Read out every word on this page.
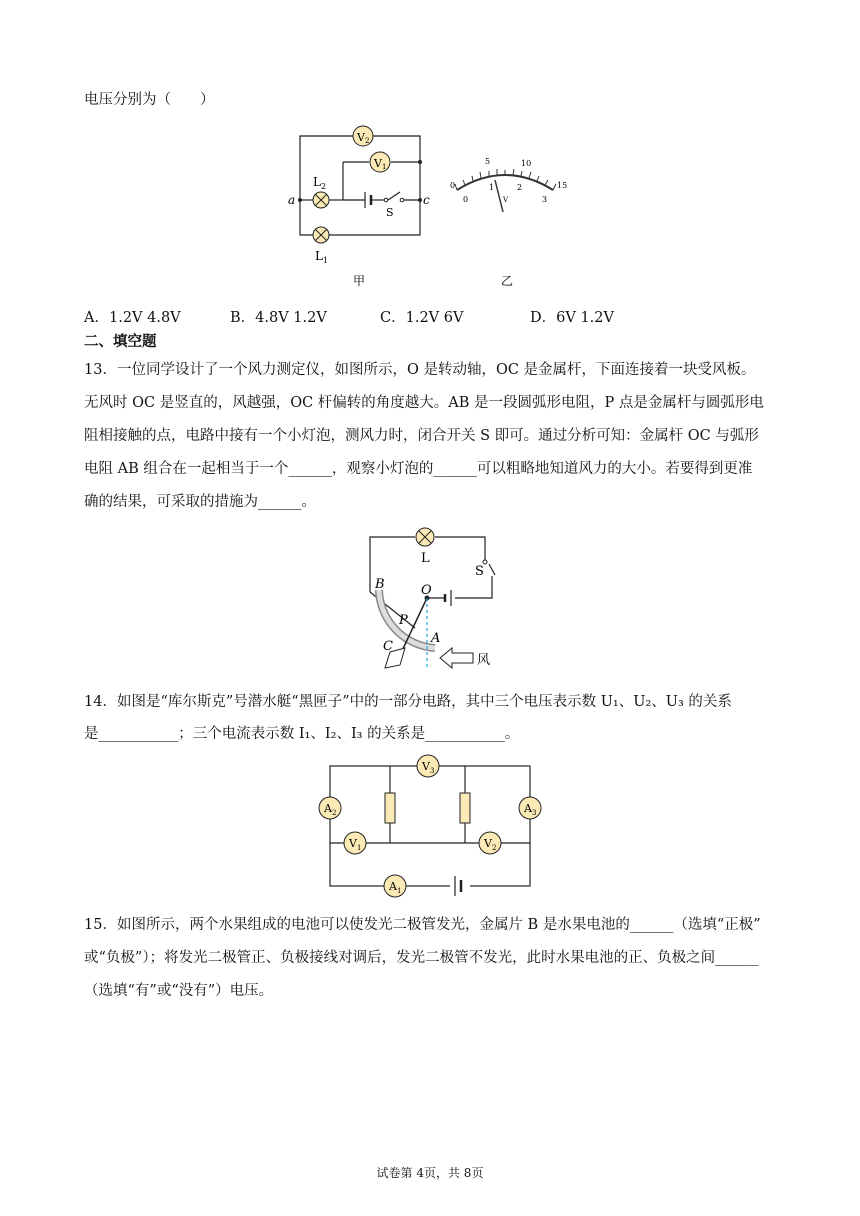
电压分别为（　　）
V 2
V 1
L 2
L 1
a	c
S
甲
0
5	10
15
0
1	2
3
V
乙
A．1.2V 4.8V	B．4.8V 1.2V	C．1.2V 6V	D．6V 1.2V
二、填空题
13．一位同学设计了一个风力测定仪，如图所示，O 是转动轴，OC 是金属杆，下面连接着一块受风板。
无风时 OC 是竖直的，风越强，OC 杆偏转的角度越大。AB 是一段圆弧形电阻，P 点是金属杆与圆弧形电
阻相接触的点，电路中接有一个小灯泡，测风力时，闭合开关 S 即可。通过分析可知：金属杆 OC 与弧形
电阻 AB 组合在一起相当于一个______，观察小灯泡的______可以粗略地知道风力的大小。若要得到更准
确的结果，可采取的措施为______。
L
S
B	O
P
A
C
风
14．如图是“库尔斯克”号潜水艇“黑匣子”中的一部分电路，其中三个电压表示数 U₁、U₂、U₃ 的关系
是___________；三个电流表示数 I₁、I₂、I₃ 的关系是___________。
V 3
A 2	A 3
V 1	V 2
A 1
15．如图所示，两个水果组成的电池可以使发光二极管发光，金属片 B 是水果电池的______（选填“正极”
或“负极”）；将发光二极管正、负极接线对调后，发光二极管不发光，此时水果电池的正、负极之间______
（选填“有”或“没有”）电压。
试卷第 4页，共 8页
